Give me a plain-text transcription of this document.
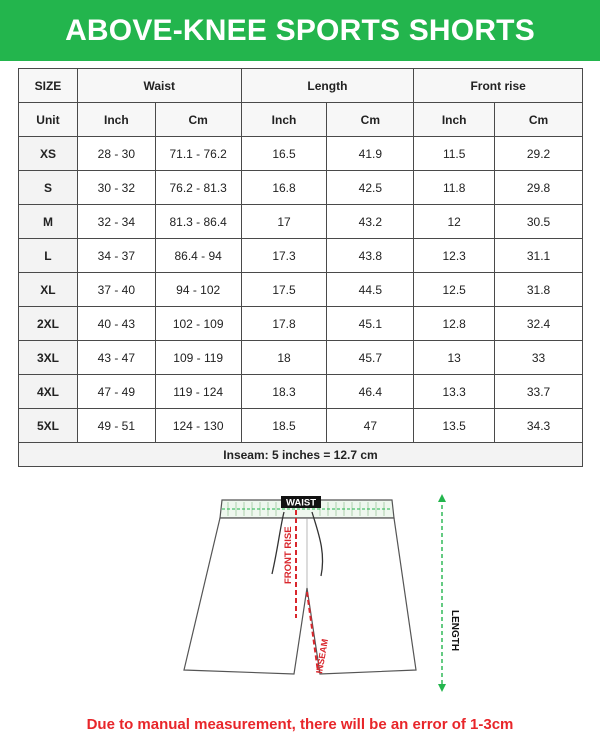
ABOVE-KNEE SPORTS SHORTS
SIZE	Waist		Length		Front rise	
Unit	Inch	Cm	Inch	Cm	Inch	Cm
XS	28 - 30	71.1 - 76.2	16.5	41.9	11.5	29.2
S	30 - 32	76.2 - 81.3	16.8	42.5	11.8	29.8
M	32 - 34	81.3 - 86.4	17	43.2	12	30.5
L	34 - 37	86.4 - 94	17.3	43.8	12.3	31.1
XL	37 - 40	94 - 102	17.5	44.5	12.5	31.8
2XL	40 - 43	102 - 109	17.8	45.1	12.8	32.4
3XL	43 - 47	109 - 119	18	45.7	13	33
4XL	47 - 49	119 - 124	18.3	46.4	13.3	33.7
5XL	49 - 51	124 - 130	18.5	47	13.5	34.3
Inseam: 5 inches = 12.7 cm						
WAIST
FRONT RISE
INSEAM
LENGTH
Due to manual measurement, there will be an error of 1-3cm
